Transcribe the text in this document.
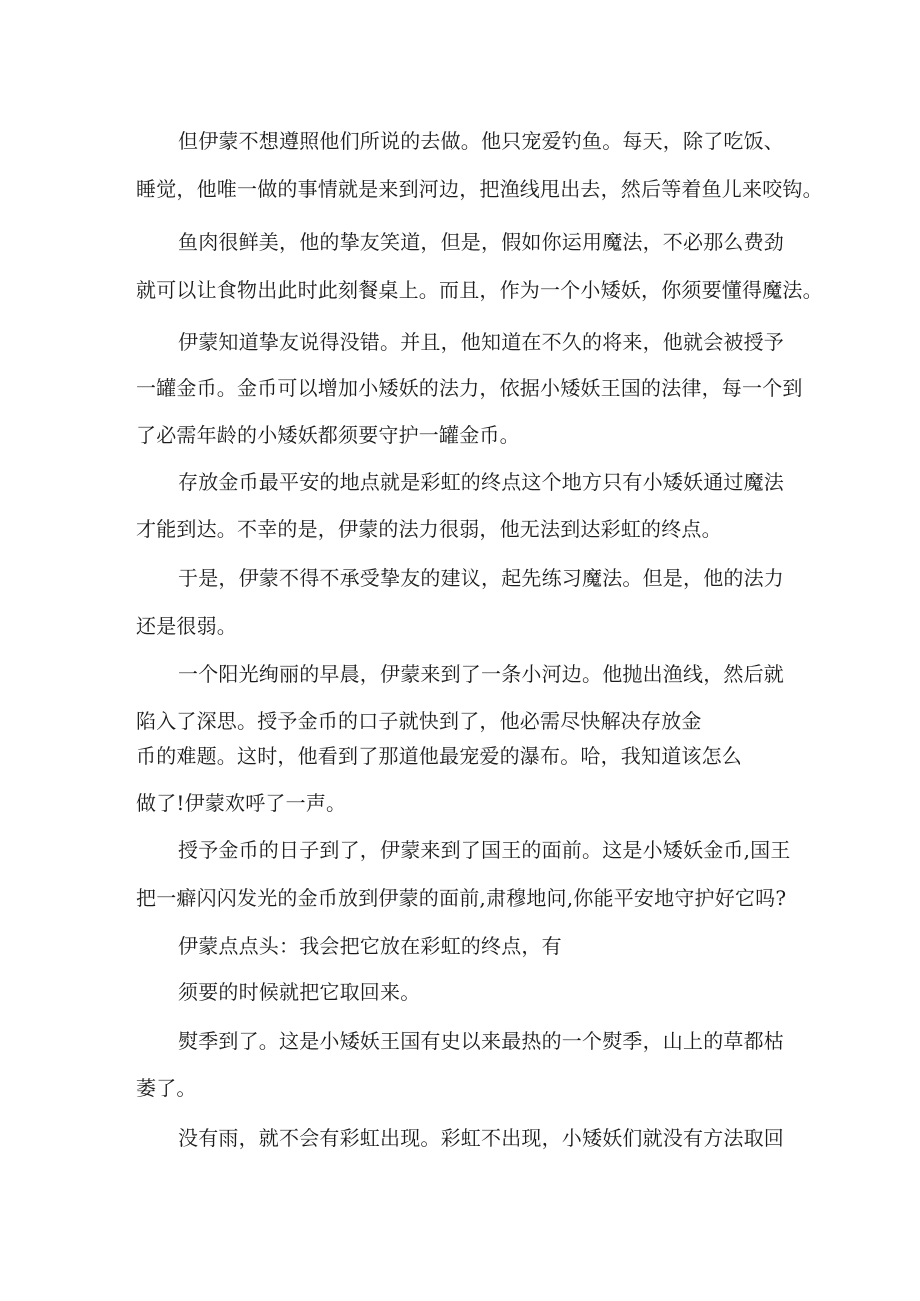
但伊蒙不想遵照他们所说的去做。他只宠爱钓鱼。每天，除了吃饭、
睡觉，他唯一做的事情就是来到河边，把渔线甩出去，然后等着鱼儿来咬钩。
鱼肉很鲜美，他的挚友笑道，但是，假如你运用魔法，不必那么费劲
就可以让食物出此时此刻餐桌上。而且，作为一个小矮妖，你须要懂得魔法。
伊蒙知道挚友说得没错。并且，他知道在不久的将来，他就会被授予
一罐金币。金币可以增加小矮妖的法力，依据小矮妖王国的法律，每一个到
了必需年龄的小矮妖都须要守护一罐金币。
存放金币最平安的地点就是彩虹的终点这个地方只有小矮妖通过魔法
才能到达。不幸的是，伊蒙的法力很弱，他无法到达彩虹的终点。
于是，伊蒙不得不承受挚友的建议，起先练习魔法。但是，他的法力
还是很弱。
一个阳光绚丽的早晨，伊蒙来到了一条小河边。他抛出渔线，然后就
陷入了深思。授予金币的口子就快到了，他必需尽快解决存放金
币的难题。这时，他看到了那道他最宠爱的瀑布。哈，我知道该怎么
做了!伊蒙欢呼了一声。
授予金币的日子到了，伊蒙来到了国王的面前。这是小矮妖金币,国王
把一癖闪闪发光的金币放到伊蒙的面前,肃穆地问,你能平安地守护好它吗?
伊蒙点点头：我会把它放在彩虹的终点，有
须要的时候就把它取回来。
熨季到了。这是小矮妖王国有史以来最热的一个熨季，山上的草都枯
萎了。
没有雨，就不会有彩虹出现。彩虹不出现，小矮妖们就没有方法取回
